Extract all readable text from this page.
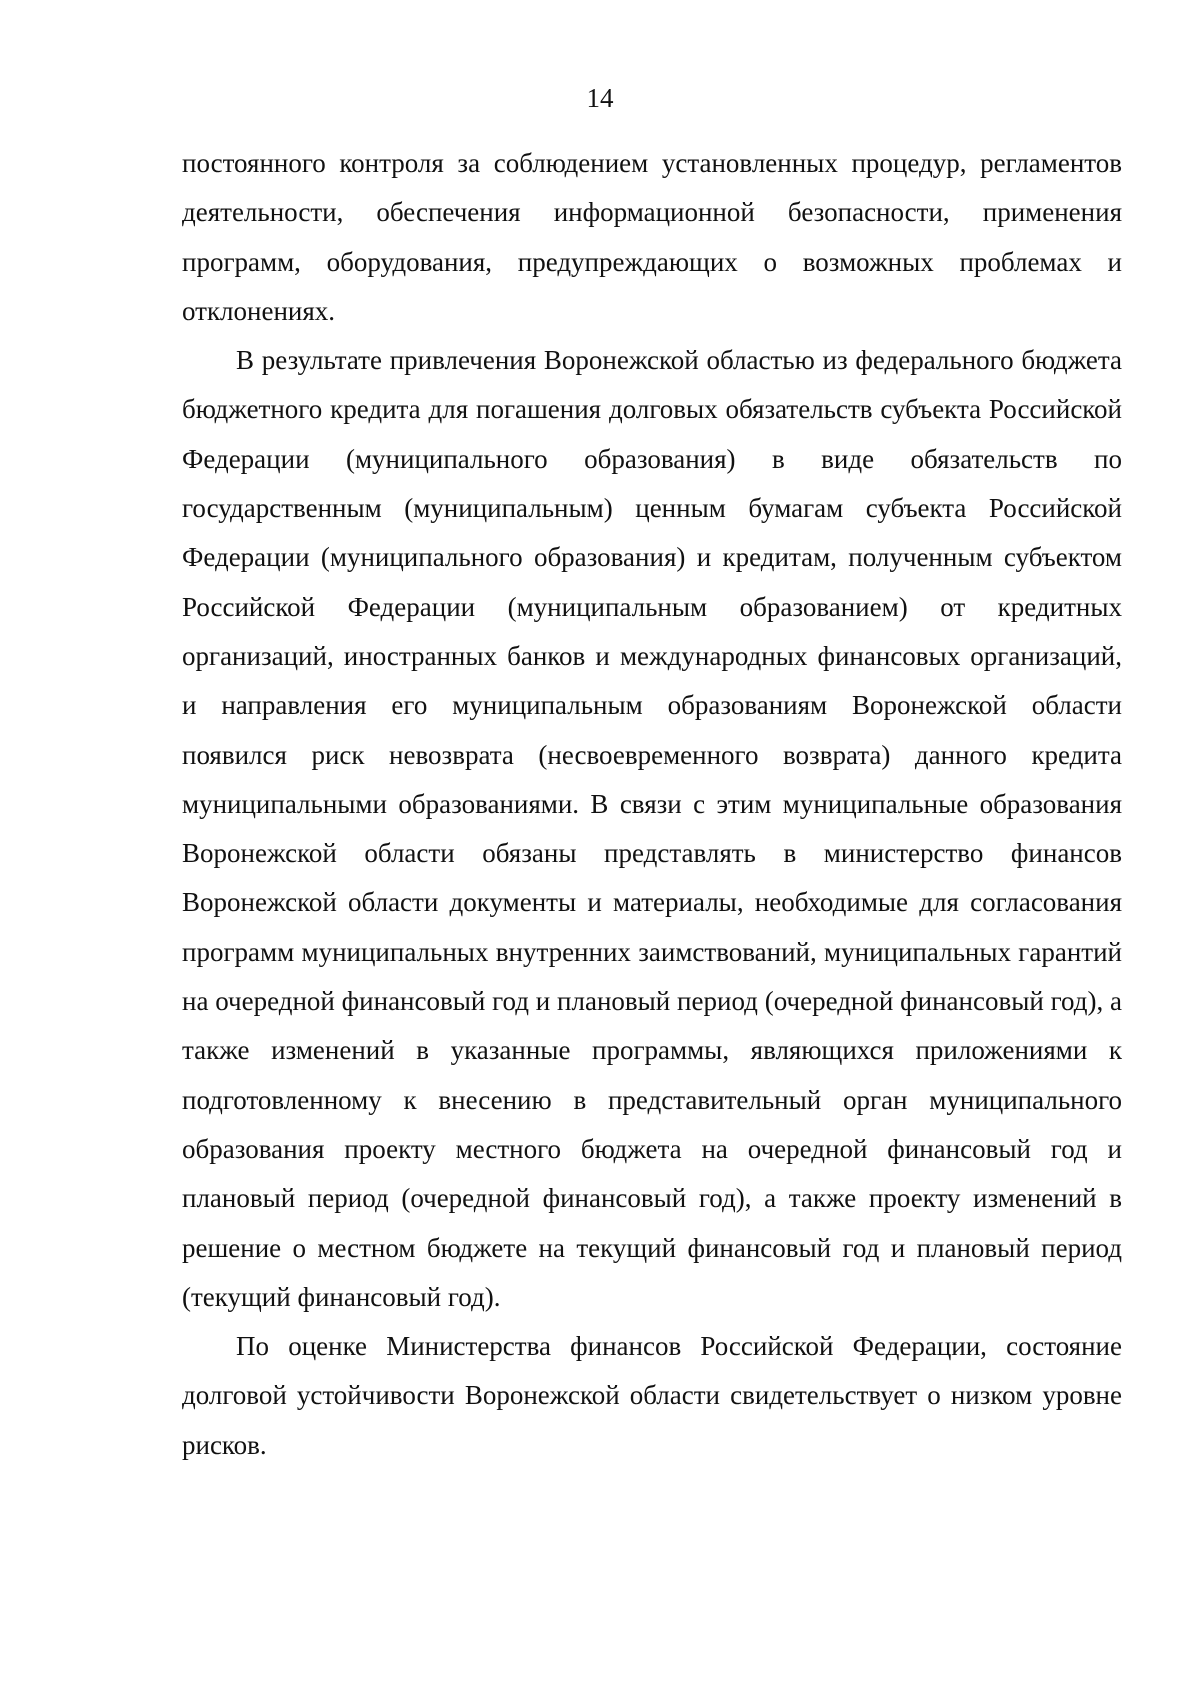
14

постоянного контроля за соблюдением установленных процедур, регламентов деятельности, обеспечения информационной безопасности, применения программ, оборудования, предупреждающих о возможных проблемах и отклонениях.

В результате привлечения Воронежской областью из федерального бюджета бюджетного кредита для погашения долговых обязательств субъекта Российской Федерации (муниципального образования) в виде обязательств по государственным (муниципальным) ценным бумагам субъекта Российской Федерации (муниципального образования) и кредитам, полученным субъектом Российской Федерации (муниципальным образованием) от кредитных организаций, иностранных банков и международных финансовых организаций, и направления его муниципальным образованиям Воронежской области появился риск невозврата (несвоевременного возврата) данного кредита муниципальными образованиями. В связи с этим муниципальные образования Воронежской области обязаны представлять в министерство финансов Воронежской области документы и материалы, необходимые для согласования программ муниципальных внутренних заимствований, муниципальных гарантий на очередной финансовый год и плановый период (очередной финансовый год), а также изменений в указанные программы, являющихся приложениями к подготовленному к внесению в представительный орган муниципального образования проекту местного бюджета на очередной финансовый год и плановый период (очередной финансовый год), а также проекту изменений в решение о местном бюджете на текущий финансовый год и плановый период (текущий финансовый год).

По оценке Министерства финансов Российской Федерации, состояние долговой устойчивости Воронежской области свидетельствует о низком уровне рисков.
